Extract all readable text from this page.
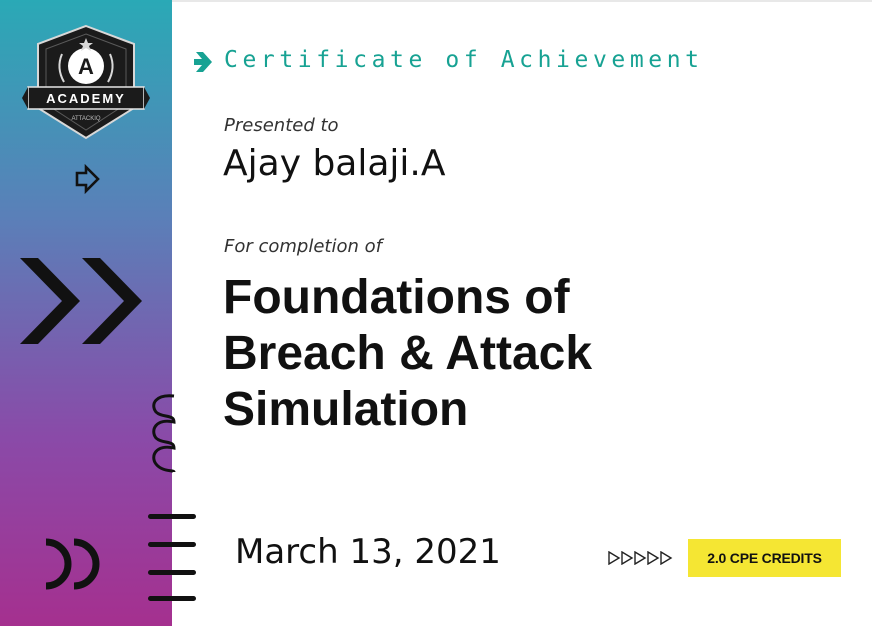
A
ACADEMY
ATTACKIQ
Certificate of Achievement
Presented to
Ajay balaji.A
For completion of
Foundations of
Breach & Attack
Simulation
March 13, 2021	2.0 CPE CREDITS
